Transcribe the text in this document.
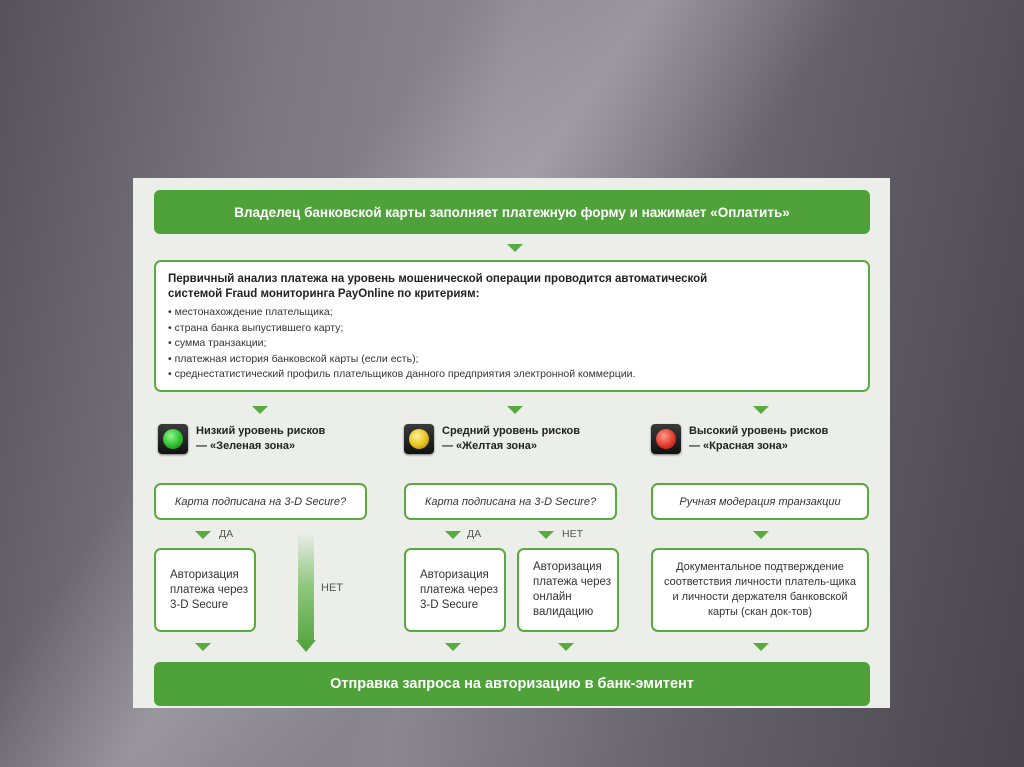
Владелец банковской карты заполняет платежную форму и нажимает «Оплатить»
Первичный анализ платежа на уровень мошенической операции проводится автоматической
системой Fraud мониторинга PayOnline по критериям:
• местонахождение плательщика;
• страна банка выпустившего карту;
• сумма транзакции;
• платежная история банковской карты (если есть);
• среднестатистический профиль плательщиков данного предприятия электронной коммерции.
Низкий уровень рисков
— «Зеленая зона»
Средний уровень рисков
— «Желтая зона»
Высокий уровень рисков
— «Красная зона»
Карта подписана на 3-D Secure?	Карта подписана на 3-D Secure?	Ручная модерация транзакции
ДА
НЕТ
ДА	НЕТ
Авторизация платежа через 3-D Secure
Авторизация платежа через 3-D Secure
Авторизация платежа через онлайн валидацию
Документальное подтверждение соответствия личности платель-щика и личности держателя банковской карты (скан док-тов)
Отправка запроса на авторизацию в банк-эмитент
